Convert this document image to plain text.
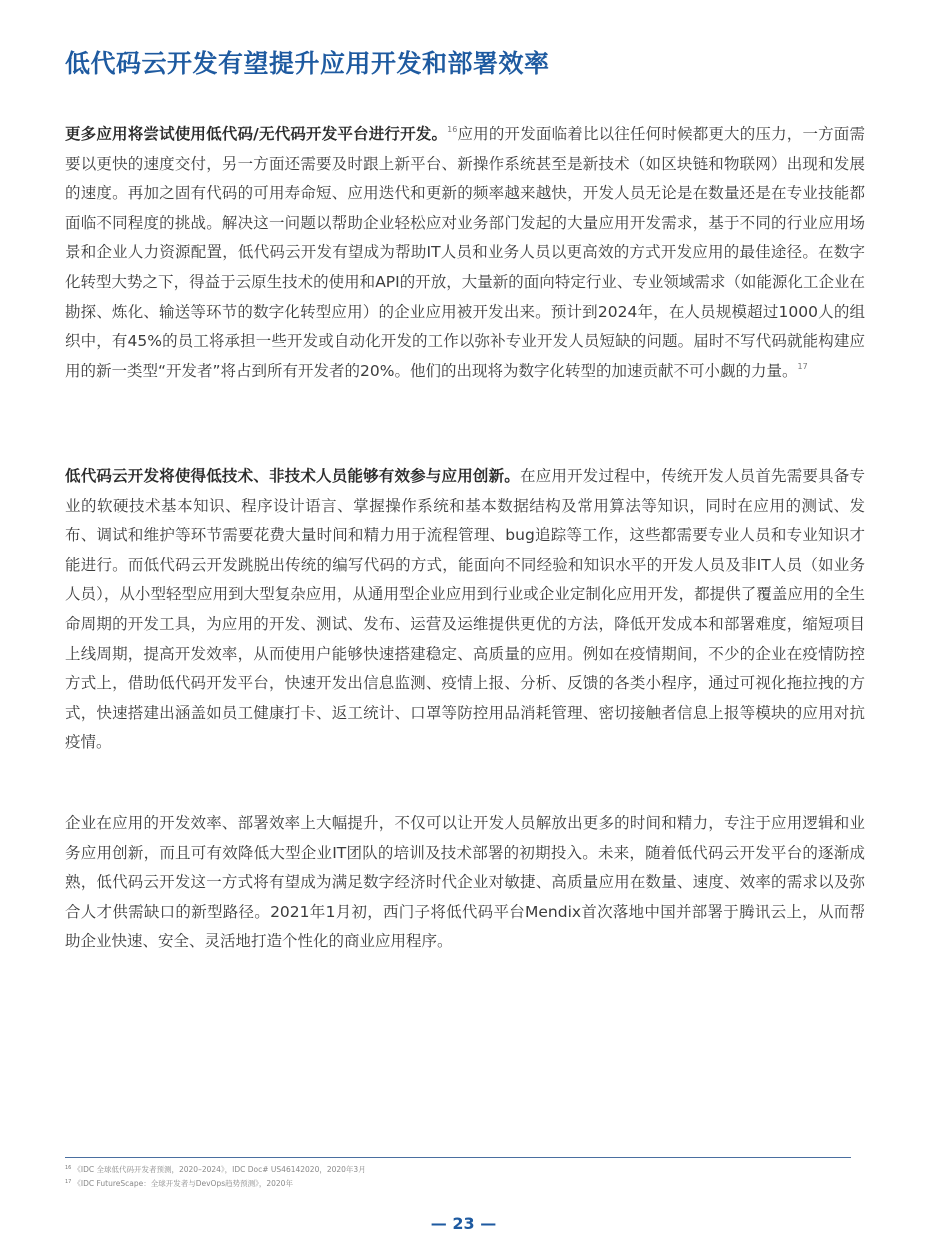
低代码云开发有望提升应用开发和部署效率

更多应用将尝试使用低代码/无代码开发平台进行开发。$^{16}$应用的开发面临着比以往任何时候都更大的压力，一方面需要以更快的速度交付，另一方面还需要及时跟上新平台、新操作系统甚至是新技术（如区块链和物联网）出现和发展的速度。再加之固有代码的可用寿命短、应用迭代和更新的频率越来越快，开发人员无论是在数量还是在专业技能都面临不同程度的挑战。解决这一问题以帮助企业轻松应对业务部门发起的大量应用开发需求，基于不同的行业应用场景和企业人力资源配置，低代码云开发有望成为帮助IT人员和业务人员以更高效的方式开发应用的最佳途径。在数字化转型大势之下，得益于云原生技术的使用和API的开放，大量新的面向特定行业、专业领域需求（如能源化工企业在勘探、炼化、输送等环节的数字化转型应用）的企业应用被开发出来。预计到2024年，在人员规模超过1000人的组织中，有45%的员工将承担一些开发或自动化开发的工作以弥补专业开发人员短缺的问题。届时不写代码就能构建应用的新一类型“开发者”将占到所有开发者的20%。他们的出现将为数字化转型的加速贡献不可小觑的力量。$^{17}$

低代码云开发将使得低技术、非技术人员能够有效参与应用创新。在应用开发过程中，传统开发人员首先需要具备专业的软硬技术基本知识、程序设计语言、掌握操作系统和基本数据结构及常用算法等知识，同时在应用的测试、发布、调试和维护等环节需要花费大量时间和精力用于流程管理、bug追踪等工作，这些都需要专业人员和专业知识才能进行。而低代码云开发跳脱出传统的编写代码的方式，能面向不同经验和知识水平的开发人员及非IT人员（如业务人员），从小型轻型应用到大型复杂应用，从通用型企业应用到行业或企业定制化应用开发，都提供了覆盖应用的全生命周期的开发工具，为应用的开发、测试、发布、运营及运维提供更优的方法，降低开发成本和部署难度，缩短项目上线周期，提高开发效率，从而使用户能够快速搭建稳定、高质量的应用。例如在疫情期间，不少的企业在疫情防控方式上，借助低代码开发平台，快速开发出信息监测、疫情上报、分析、反馈的各类小程序，通过可视化拖拉拽的方式，快速搭建出涵盖如员工健康打卡、返工统计、口罩等防控用品消耗管理、密切接触者信息上报等模块的应用对抗疫情。

企业在应用的开发效率、部署效率上大幅提升，不仅可以让开发人员解放出更多的时间和精力，专注于应用逻辑和业务应用创新，而且可有效降低大型企业IT团队的培训及技术部署的初期投入。未来，随着低代码云开发平台的逐渐成熟，低代码云开发这一方式将有望成为满足数字经济时代企业对敏捷、高质量应用在数量、速度、效率的需求以及弥合人才供需缺口的新型路径。2021年1月初，西门子将低代码平台Mendix首次落地中国并部署于腾讯云上，从而帮助企业快速、安全、灵活地打造个性化的商业应用程序。

$^{16}$ 《IDC 全球低代码开发者预测，2020–2024》，IDC Doc# US46142020，2020年3月

$^{17}$ 《IDC FutureScape：全球开发者与DevOps趋势预测》，2020年

— 23 —
